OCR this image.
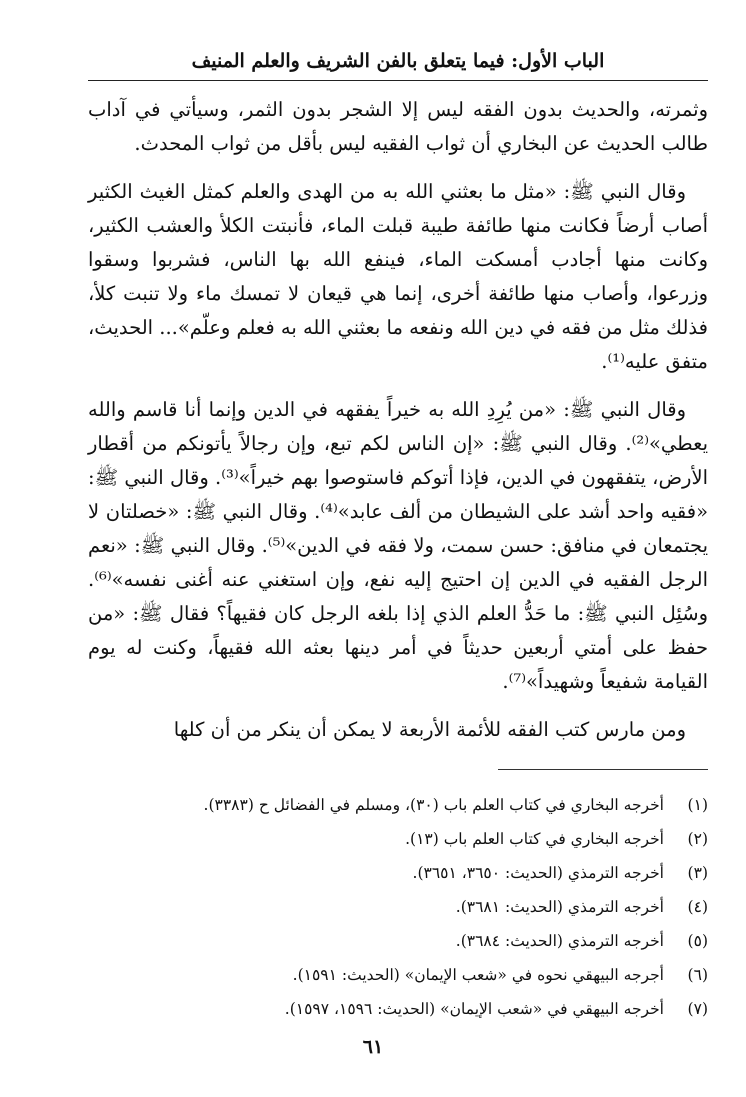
الباب الأول: فيما يتعلق بالفن الشريف والعلم المنيف

وثمرته، والحديث بدون الفقه ليس إلا الشجر بدون الثمر، وسيأتي في آداب طالب الحديث عن البخاري أن ثواب الفقيه ليس بأقل من ثواب المحدث.

وقال النبي ﷺ: «مثل ما بعثني الله به من الهدى والعلم كمثل الغيث الكثير أصاب أرضاً فكانت منها طائفة طيبة قبلت الماء، فأنبتت الكلأ والعشب الكثير، وكانت منها أجادب أمسكت الماء، فينفع الله بها الناس، فشربوا وسقوا وزرعوا، وأصاب منها طائفة أخرى، إنما هي قيعان لا تمسك ماء ولا تنبت كلأ، فذلك مثل من فقه في دين الله ونفعه ما بعثني الله به فعلم وعلّم»... الحديث، متفق عليه⁽¹⁾.

وقال النبي ﷺ: «من يُرِدِ الله به خيراً يفقهه في الدين وإنما أنا قاسم والله يعطي»⁽²⁾. وقال النبي ﷺ: «إن الناس لكم تبع، وإن رجالاً يأتونكم من أقطار الأرض، يتفقهون في الدين، فإذا أتوكم فاستوصوا بهم خيراً»⁽³⁾. وقال النبي ﷺ: «فقيه واحد أشد على الشيطان من ألف عابد»⁽⁴⁾. وقال النبي ﷺ: «خصلتان لا يجتمعان في منافق: حسن سمت، ولا فقه في الدين»⁽⁵⁾. وقال النبي ﷺ: «نعم الرجل الفقيه في الدين إن احتيج إليه نفع، وإن استغني عنه أغنى نفسه»⁽⁶⁾. وسُئِل النبي ﷺ: ما حَدُّ العلم الذي إذا بلغه الرجل كان فقيهاً؟ فقال ﷺ: «من حفظ على أمتي أربعين حديثاً في أمر دينها بعثه الله فقيهاً، وكنت له يوم القيامة شفيعاً وشهيداً»⁽⁷⁾.

ومن مارس كتب الفقه للأئمة الأربعة لا يمكن أن ينكر من أن كلها

(١)
أخرجه البخاري في كتاب العلم باب (٣٠)، ومسلم في الفضائل ح (٣٣٨٣).
(٢)
أخرجه البخاري في كتاب العلم باب (١٣).
(٣)
أخرجه الترمذي (الحديث: ٣٦٥٠، ٣٦٥١).
(٤)
أخرجه الترمذي (الحديث: ٣٦٨١).
(٥)
أخرجه الترمذي (الحديث: ٣٦٨٤).
(٦)
أجرجه البيهقي نحوه في «شعب الإيمان» (الحديث: ١٥٩١).
(٧)
أخرجه البيهقي في «شعب الإيمان» (الحديث: ١٥٩٦، ١٥٩٧).
٦١
